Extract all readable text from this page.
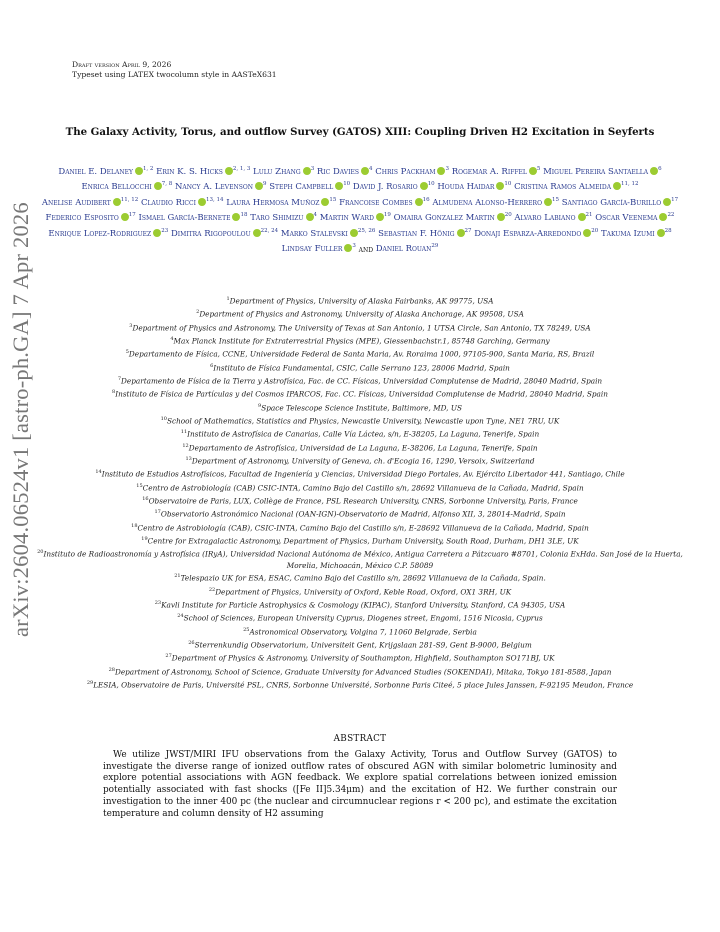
arXiv:2604.06524v1 [astro-ph.GA] 7 Apr 2026
Draft version April 9, 2026
Typeset using LATEX twocolumn style in AASTeX631
The Galaxy Activity, Torus, and outflow Survey (GATOS) XIII: Coupling Driven H2 Excitation in Seyferts
Daniel E. Delaney $^{1, 2}$ Erin K. S. Hicks $^{2, 1, 3}$ Lulu Zhang $^3$ Ric Davies $^4$ Chris Packham $^3$ Rogemar A. Riffel $^5$ Miguel Pereira Santaella $^6$ Enrica Bellocchi $^{7, 8}$ Nancy A. Levenson $^9$ Steph Campbell $^{10}$ David J. Rosario $^{10}$ Houda Haidar $^{10}$ Cristina Ramos Almeida $^{11, 12}$ Anelise Audibert $^{11, 12}$ Claudio Ricci $^{13, 14}$ Laura Hermosa Muñoz $^{15}$ Francoise Combes $^{16}$ Almudena Alonso-Herrero $^{15}$ Santiago García-Burillo $^{17}$ Federico Esposito $^{17}$ Ismael García-Bernete $^{18}$ Taro Shimizu $^4$ Martin Ward $^{19}$ Omaira Gonzalez Martin $^{20}$ Alvaro Labiano $^{21}$ Oscar Veenema $^{22}$ Enrique Lopez-Rodriguez $^{23}$ Dimitra Rigopoulou $^{22, 24}$ Marko Stalevski $^{25, 26}$ Sebastian F. Hönig $^{27}$ Donaji Esparza-Arredondo $^{20}$ Takuma Izumi $^{28}$ Lindsay Fuller $^3$ and Daniel Rouan$^{29}$
$^1$Department of Physics, University of Alaska Fairbanks, AK 99775, USA
$^2$Department of Physics and Astronomy, University of Alaska Anchorage, AK 99508, USA
$^3$Department of Physics and Astronomy, The University of Texas at San Antonio, 1 UTSA Circle, San Antonio, TX 78249, USA
$^4$Max Planck Institute for Extraterrestrial Physics (MPE), Giessenbachstr.1, 85748 Garching, Germany
$^5$Departamento de Física, CCNE, Universidade Federal de Santa Maria, Av. Roraima 1000, 97105-900, Santa Maria, RS, Brazil
$^6$Instituto de Física Fundamental, CSIC, Calle Serrano 123, 28006 Madrid, Spain
$^7$Departamento de Física de la Tierra y Astrofísica, Fac. de CC. Físicas, Universidad Complutense de Madrid, 28040 Madrid, Spain
$^8$Instituto de Física de Partículas y del Cosmos IPARCOS, Fac. CC. Físicas, Universidad Complutense de Madrid, 28040 Madrid, Spain
$^9$Space Telescope Science Institute, Baltimore, MD, US
$^{10}$School of Mathematics, Statistics and Physics, Newcastle University, Newcastle upon Tyne, NE1 7RU, UK
$^{11}$Instituto de Astrofísica de Canarias, Calle Vía Láctea, s/n, E-38205, La Laguna, Tenerife, Spain
$^{12}$Departamento de Astrofísica, Universidad de La Laguna, E-38206, La Laguna, Tenerife, Spain
$^{13}$Department of Astronomy, University of Geneva, ch. d'Ecogia 16, 1290, Versoix, Switzerland
$^{14}$Instituto de Estudios Astrofísicos, Facultad de Ingeniería y Ciencias, Universidad Diego Portales, Av. Ejército Libertador 441, Santiago, Chile
$^{15}$Centro de Astrobiología (CAB) CSIC-INTA, Camino Bajo del Castillo s/n, 28692 Villanueva de la Cañada, Madrid, Spain
$^{16}$Observatoire de Paris, LUX, Collège de France, PSL Research University, CNRS, Sorbonne University, Paris, France
$^{17}$Observatorio Astronómico Nacional (OAN-IGN)-Observatorio de Madrid, Alfonso XII, 3, 28014-Madrid, Spain
$^{18}$Centro de Astrobiología (CAB), CSIC-INTA, Camino Bajo del Castillo s/n, E-28692 Villanueva de la Cañada, Madrid, Spain
$^{19}$Centre for Extragalactic Astronomy, Department of Physics, Durham University, South Road, Durham, DH1 3LE, UK
$^{20}$Instituto de Radioastronomía y Astrofísica (IRyA), Universidad Nacional Autónoma de México, Antigua Carretera a Pátzcuaro #8701, Colonia ExHda. San José de la Huerta, Morelia, Michoacán, México C.P. 58089
$^{21}$Telespazio UK for ESA, ESAC, Camino Bajo del Castillo s/n, 28692 Villanueva de la Cañada, Spain.
$^{22}$Department of Physics, University of Oxford, Keble Road, Oxford, OX1 3RH, UK
$^{23}$Kavli Institute for Particle Astrophysics & Cosmology (KIPAC), Stanford University, Stanford, CA 94305, USA
$^{24}$School of Sciences, European University Cyprus, Diogenes street, Engomi, 1516 Nicosia, Cyprus
$^{25}$Astronomical Observatory, Volgina 7, 11060 Belgrade, Serbia
$^{26}$Sterrenkundig Observatorium, Universiteit Gent, Krijgslaan 281-S9, Gent B-9000, Belgium
$^{27}$Department of Physics & Astronomy, University of Southampton, Highfield, Southampton SO171BJ, UK
$^{28}$Department of Astronomy, School of Science, Graduate University for Advanced Studies (SOKENDAI), Mitaka, Tokyo 181-8588, Japan
$^{29}$LESIA, Observatoire de Paris, Université PSL, CNRS, Sorbonne Université, Sorbonne Paris Citeé, 5 place Jules Janssen, F-92195 Meudon, France
ABSTRACT
We utilize JWST/MIRI IFU observations from the Galaxy Activity, Torus and Outflow Survey (GATOS) to investigate the diverse range of ionized outflow rates of obscured AGN with similar bolometric luminosity and explore potential associations with AGN feedback. We explore spatial correlations between ionized emission potentially associated with fast shocks ([Fe II]5.34μm) and the excitation of H2. We further constrain our investigation to the inner 400 pc (the nuclear and circumnuclear regions r < 200 pc), and estimate the excitation temperature and column density of H2 assuming
